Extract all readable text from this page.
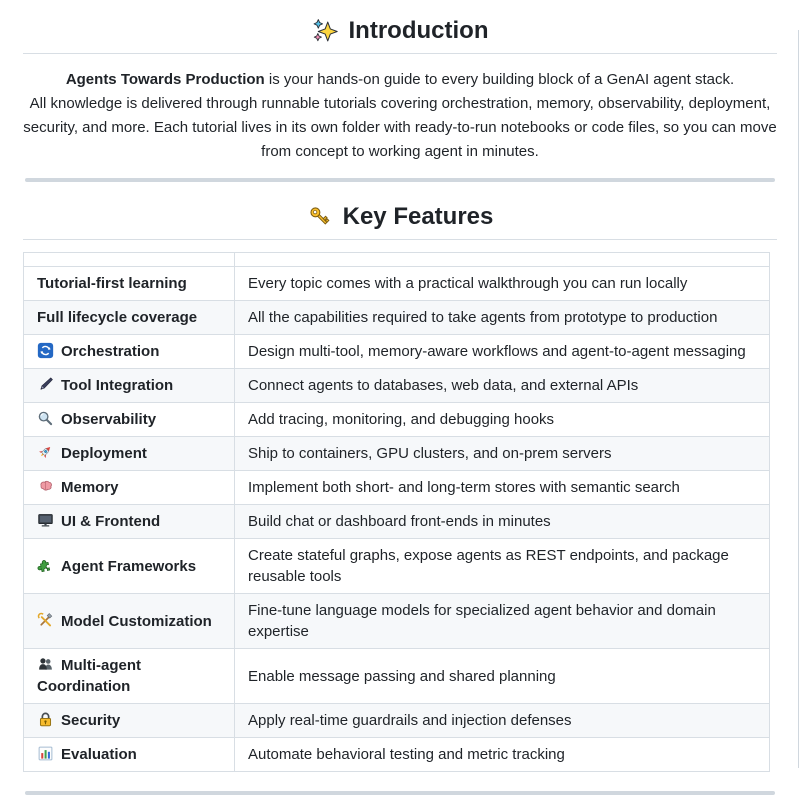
Introduction

Agents Towards Production is your hands-on guide to every building block of a GenAI agent stack.
All knowledge is delivered through runnable tutorials covering orchestration, memory, observability, deployment,
security, and more. Each tutorial lives in its own folder with ready-to-run notebooks or code files, so you can move
from concept to working agent in minutes.

Key Features

Tutorial-first learning	Every topic comes with a practical walkthrough you can run locally
Full lifecycle coverage	All the capabilities required to take agents from prototype to production

Orchestration	Design multi-tool, memory-aware workflows and agent-to-agent messaging

Tool Integration	Connect agents to databases, web data, and external APIs

Observability	Add tracing, monitoring, and debugging hooks

Deployment	Ship to containers, GPU clusters, and on-prem servers

Memory	Implement both short- and long-term stores with semantic search

UI & Frontend	Build chat or dashboard front-ends in minutes

Agent Frameworks	Create stateful graphs, expose agents as REST endpoints, and package reusable tools

Model Customization	Fine-tune language models for specialized agent behavior and domain expertise

Multi-agent Coordination	Enable message passing and shared planning

Security	Apply real-time guardrails and injection defenses

Evaluation	Automate behavioral testing and metric tracking
